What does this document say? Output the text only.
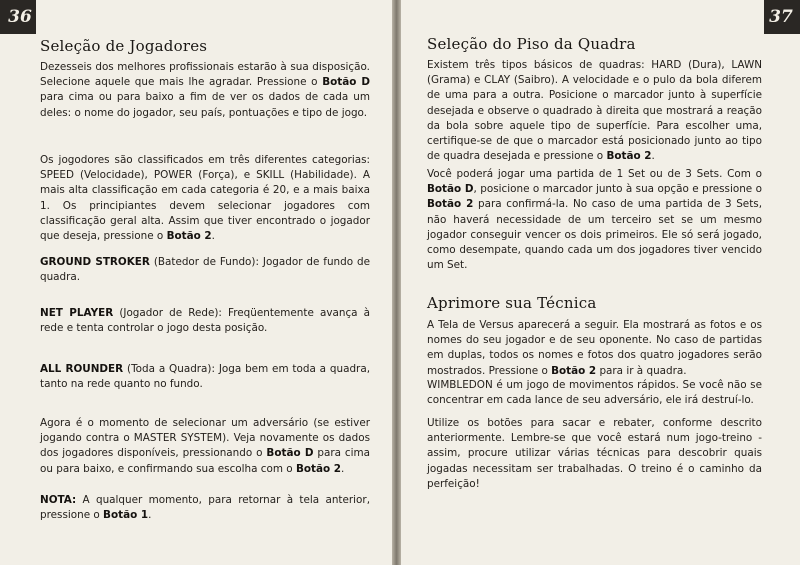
36
Seleção de Jogadores

Dezesseis dos melhores profissionais estarão à sua disposição. Selecione aquele que mais lhe agradar. Pressione o Botão D para cima ou para baixo a fim de ver os dados de cada um deles: o nome do jogador, seu país, pontuações e tipo de jogo.

Os jogodores são classificados em três diferentes categorias: SPEED (Velocidade), POWER (Força), e SKILL (Habilidade). A mais alta classificação em cada categoria é 20, e a mais baixa 1. Os principiantes devem selecionar jogadores com classificação geral alta. Assim que tiver encontrado o jogador que deseja, pressione o Botão 2.

GROUND STROKER (Batedor de Fundo): Jogador de fundo de quadra.

NET PLAYER (Jogador de Rede): Freqüentemente avança à rede e tenta controlar o jogo desta posição.

ALL ROUNDER (Toda a Quadra): Joga bem em toda a quadra, tanto na rede quanto no fundo.

Agora é o momento de selecionar um adversário (se estiver jogando contra o MASTER SYSTEM). Veja novamente os dados dos jogadores disponíveis, pressionando o Botão D para cima ou para baixo, e confirmando sua escolha com o Botão 2.

NOTA: A qualquer momento, para retornar à tela anterior, pressione o Botão 1.

37
Seleção do Piso da Quadra

Existem três tipos básicos de quadras: HARD (Dura), LAWN (Grama) e CLAY (Saibro). A velocidade e o pulo da bola diferem de uma para a outra. Posicione o marcador junto à superfície desejada e observe o quadrado à direita que mostrará a reação da bola sobre aquele tipo de superfície. Para escolher uma, certifique-se de que o marcador está posicionado junto ao tipo de quadra desejada e pressione o Botão 2.

Você poderá jogar uma partida de 1 Set ou de 3 Sets. Com o Botão D, posicione o marcador junto à sua opção e pressione o Botão 2 para confirmá-la. No caso de uma partida de 3 Sets, não haverá necessidade de um terceiro set se um mesmo jogador conseguir vencer os dois primeiros. Ele só será jogado, como desempate, quando cada um dos jogadores tiver vencido um Set.

Aprimore sua Técnica

A Tela de Versus aparecerá a seguir. Ela mostrará as fotos e os nomes do seu jogador e de seu oponente. No caso de partidas em duplas, todos os nomes e fotos dos quatro jogadores serão mostrados. Pressione o Botão 2 para ir à quadra.

WIMBLEDON é um jogo de movimentos rápidos. Se você não se concentrar em cada lance de seu adversário, ele irá destruí-lo.

Utilize os botões para sacar e rebater, conforme descrito anteriormente. Lembre-se que você estará num jogo-treino - assim, procure utilizar várias técnicas para descobrir quais jogadas necessitam ser trabalhadas. O treino é o caminho da perfeição!
